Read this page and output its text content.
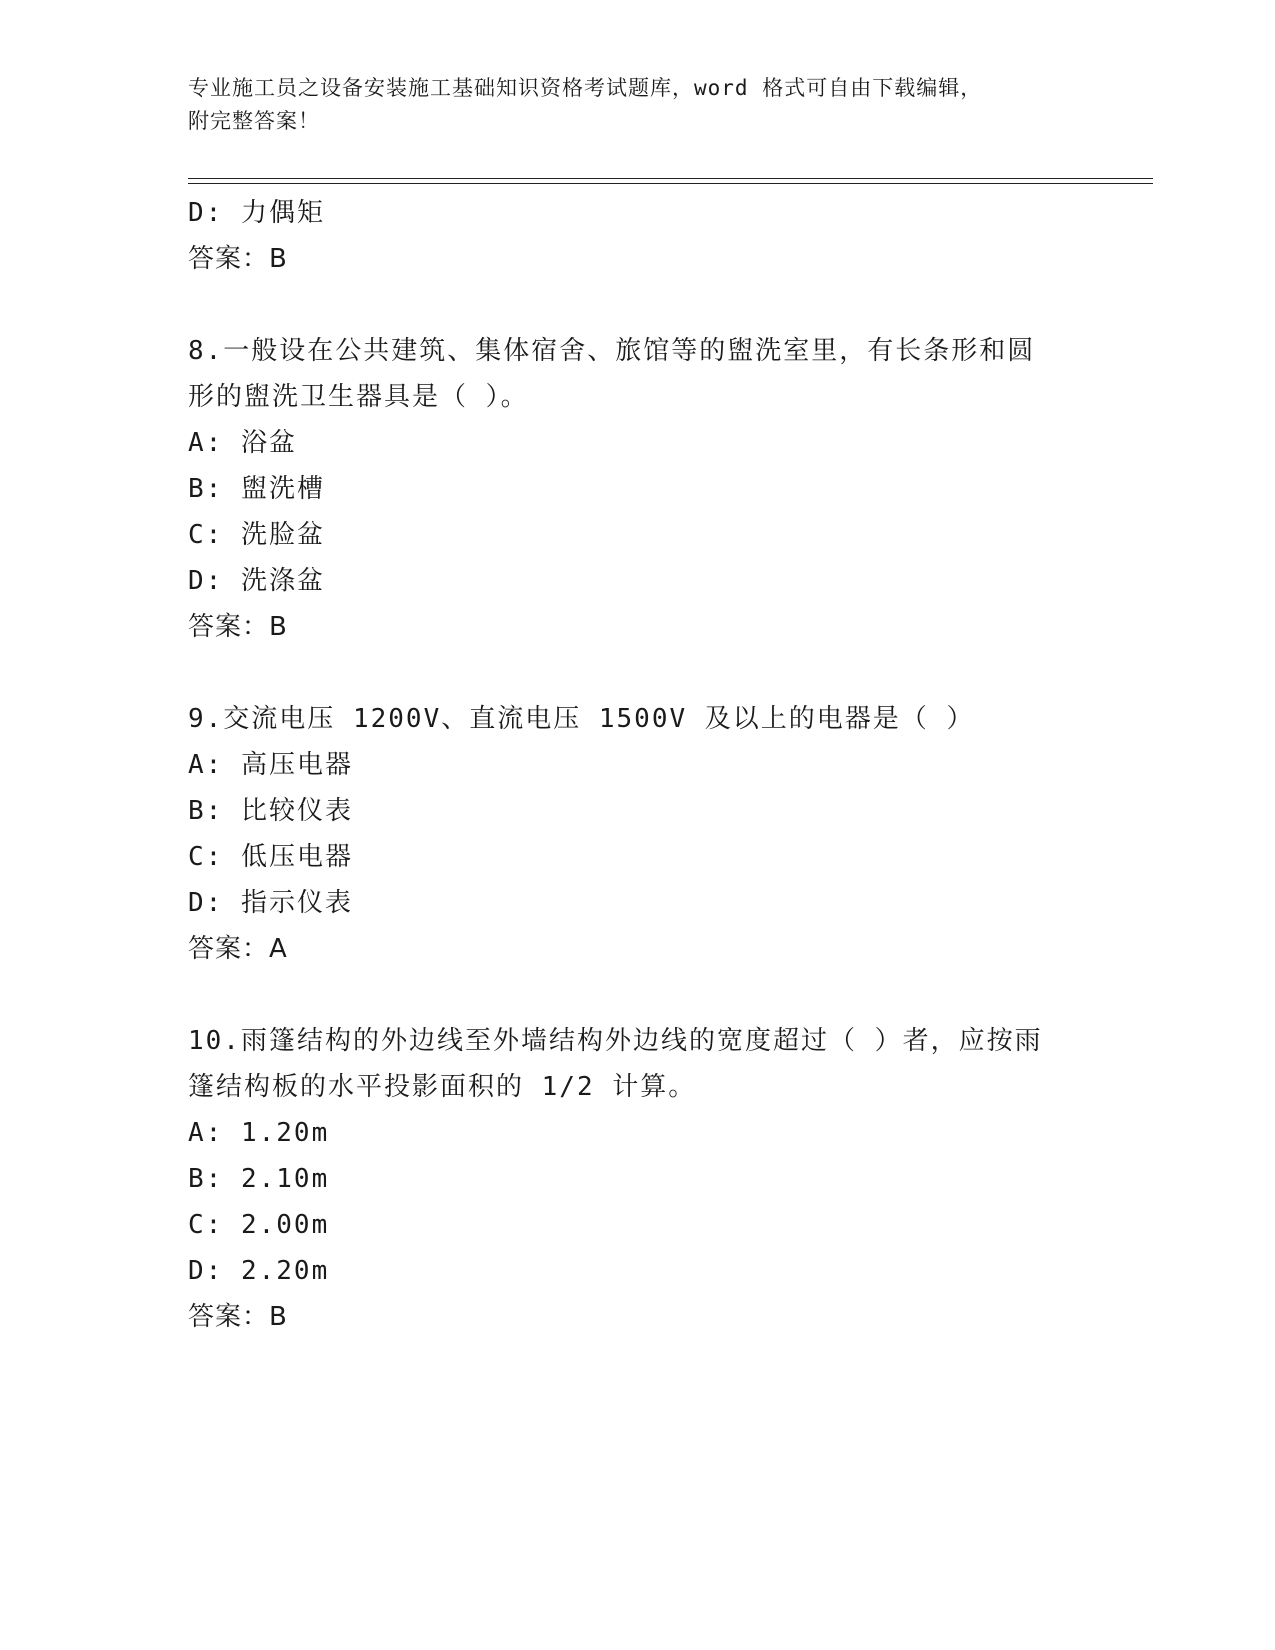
专业施工员之设备安装施工基础知识资格考试题库，word 格式可自由下载编辑，
附完整答案！
D: 力偶矩
答案：B
8.一般设在公共建筑、集体宿舍、旅馆等的盥洗室里，有长条形和圆
形的盥洗卫生器具是（ ）。
A: 浴盆
B: 盥洗槽
C: 洗脸盆
D: 洗涤盆
答案：B
9.交流电压 1200V、直流电压 1500V 及以上的电器是（ ）
A: 高压电器
B: 比较仪表
C: 低压电器
D: 指示仪表
答案：A
10.雨篷结构的外边线至外墙结构外边线的宽度超过（ ）者，应按雨
篷结构板的水平投影面积的 1/2 计算。
A: 1.20m
B: 2.10m
C: 2.00m
D: 2.20m
答案：B
